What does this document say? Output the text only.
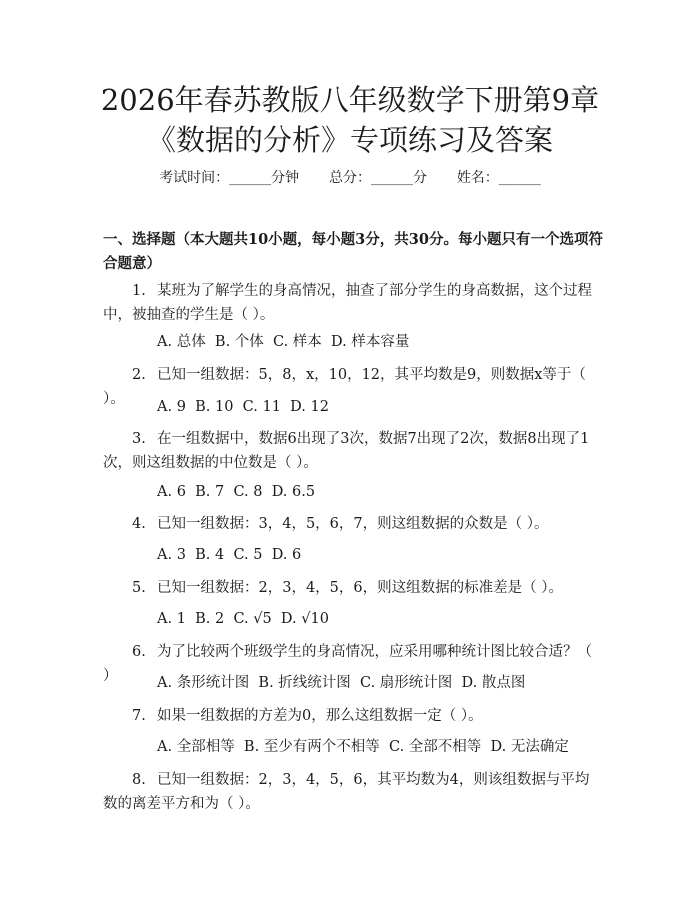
2026年春苏教版八年级数学下册第9章《数据的分析》专项练习及答案
考试时间：______分钟 总分：______分 姓名：______
一、选择题（本大题共10小题，每小题3分，共30分。每小题只有一个选项符合题意）
1. 某班为了解学生的身高情况，抽查了部分学生的身高数据，这个过程中，被抽查的学生是（ ）。
A. 总体  B. 个体  C. 样本  D. 样本容量
2. 已知一组数据：5，8，x，10，12，其平均数是9，则数据x等于（ ）。	A. 9  B. 10  C. 11  D. 12
3. 在一组数据中，数据6出现了3次，数据7出现了2次，数据8出现了1次，则这组数据的中位数是（ ）。
A. 6  B. 7  C. 8  D. 6.5
4. 已知一组数据：3，4，5，6，7，则这组数据的众数是（ ）。
A. 3  B. 4  C. 5  D. 6
5. 已知一组数据：2，3，4，5，6，则这组数据的标准差是（ ）。
A. 1  B. 2  C. √5  D. √10
6. 为了比较两个班级学生的身高情况，应采用哪种统计图比较合适？（ ）	A. 条形统计图  B. 折线统计图  C. 扇形统计图  D. 散点图
7. 如果一组数据的方差为0，那么这组数据一定（ ）。
A. 全部相等  B. 至少有两个不相等  C. 全部不相等  D. 无法确定
8. 已知一组数据：2，3，4，5，6，其平均数为4，则该组数据与平均数的离差平方和为（ ）。
